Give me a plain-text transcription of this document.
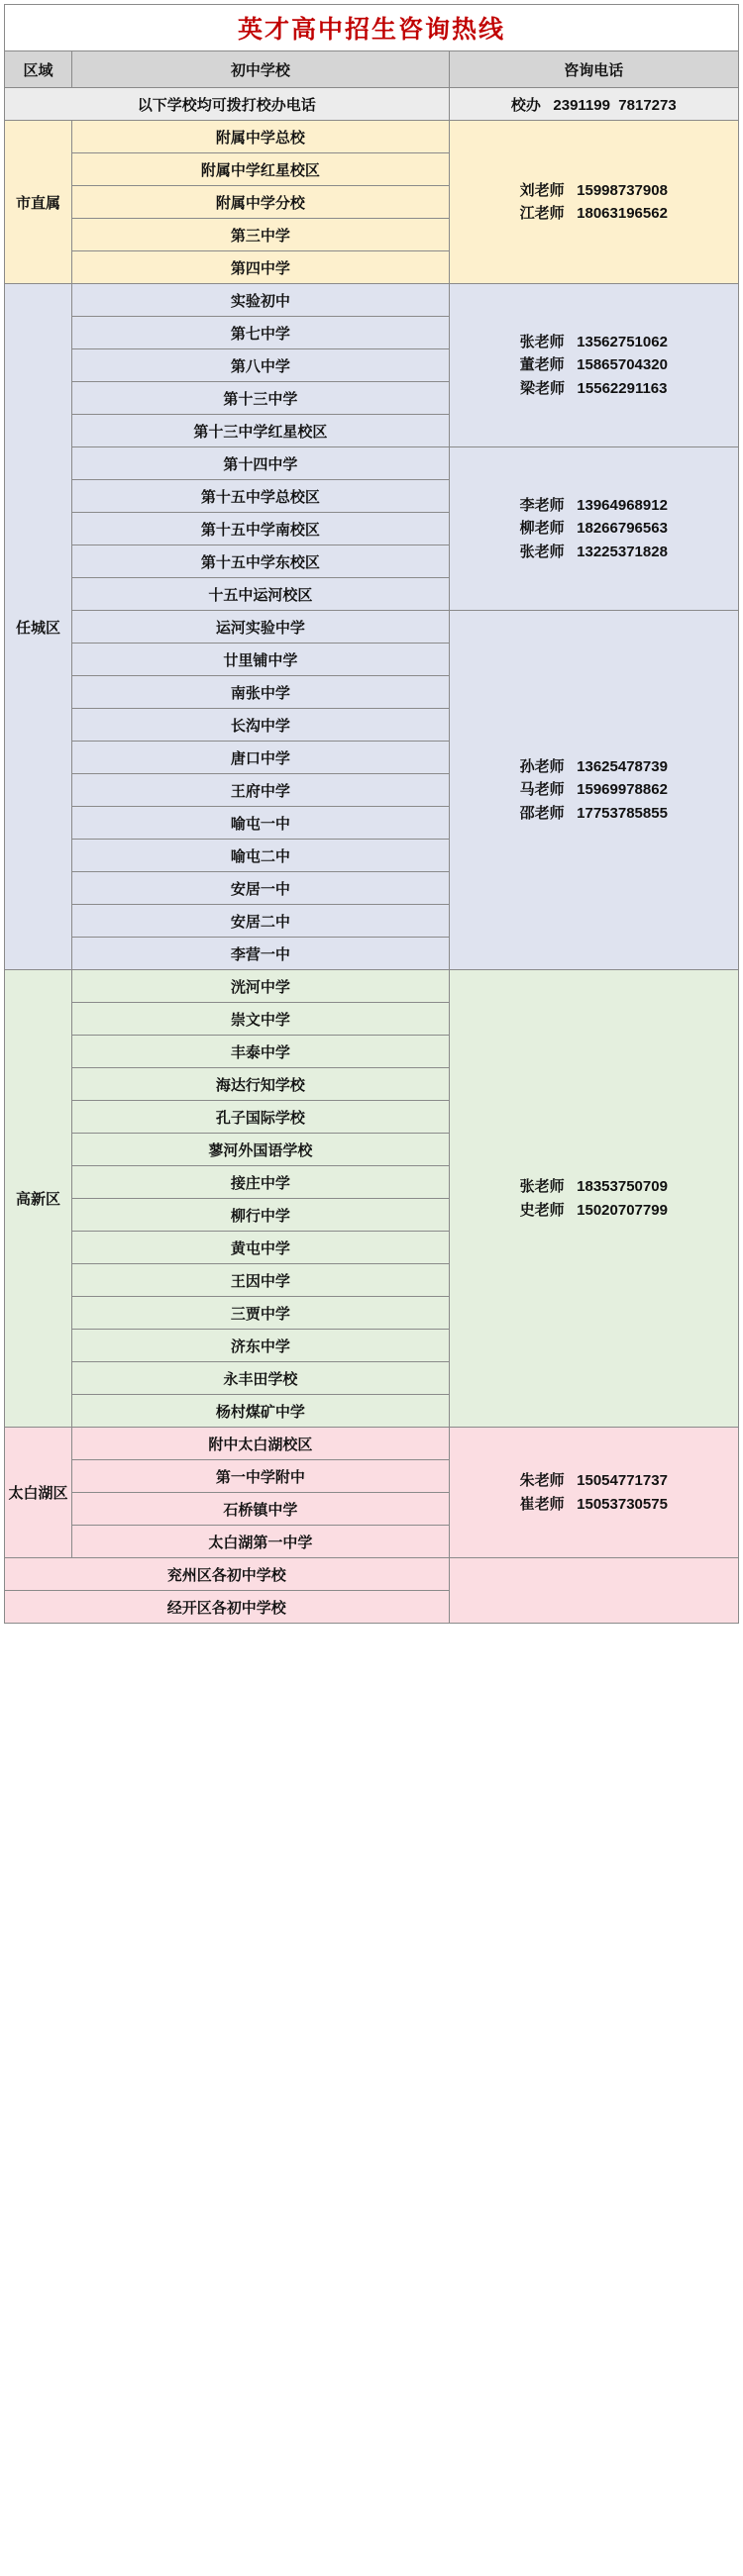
英才高中招生咨询热线		
区域	初中学校	咨询电话
以下学校均可拨打校办电话		校办 2391199  7817273
市直属	附属中学总校	刘老师   15998737908
江老师   18063196562

	附属中学红星校区	
	附属中学分校	
	第三中学	
	第四中学	
任城区	实验初中	张老师   13562751062
董老师   15865704320
梁老师   15562291163

	第七中学	
	第八中学	
	第十三中学	
	第十三中学红星校区	
	第十四中学	李老师   13964968912
柳老师   18266796563
张老师   13225371828

	第十五中学总校区	
	第十五中学南校区	
	第十五中学东校区	
	十五中运河校区	
	运河实验中学	孙老师   13625478739
马老师   15969978862
邵老师   17753785855

	廿里铺中学	
	南张中学	
	长沟中学	
	唐口中学	
	王府中学	
	喻屯一中	
	喻屯二中	
	安居一中	
	安居二中	
	李营一中	
高新区	洸河中学	张老师   18353750709
史老师   15020707799

	崇文中学	
	丰泰中学	
	海达行知学校	
	孔子国际学校	
	蓼河外国语学校	
	接庄中学	
	柳行中学	
	黄屯中学	
	王因中学	
	三贾中学	
	济东中学	
	永丰田学校	
	杨村煤矿中学	
太白湖区	附中太白湖校区	朱老师   15054771737
崔老师   15053730575

	第一中学附中	
	石桥镇中学	
	太白湖第一中学	
兖州区各初中学校		
经开区各初中学校		
